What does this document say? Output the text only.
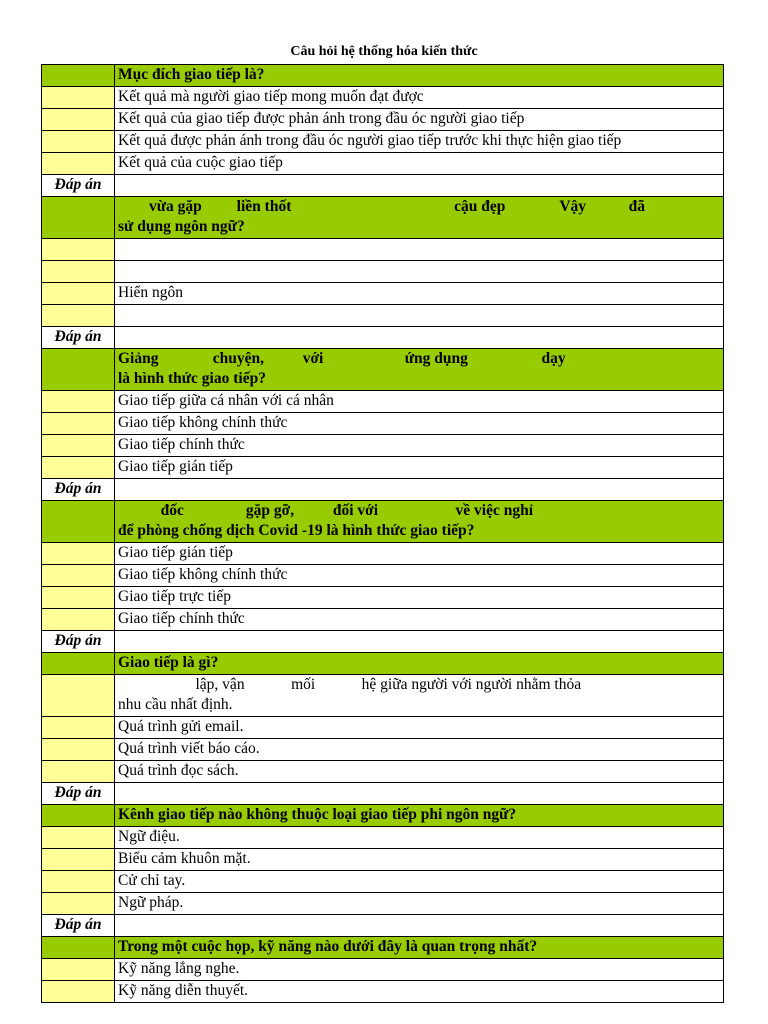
Câu hỏi hệ thống hóa kiến thức
	Mục đích giao tiếp là?
	Kết quả mà người giao tiếp mong muốn đạt được
	Kết quả của giao tiếp được phản ánh trong đầu óc người giao tiếp
	Kết quả được phản ánh trong đầu óc người giao tiếp trước khi thực hiện giao tiếp
	Kết quả của cuộc giao tiếp
Đáp án	
	vừa gặp         liền thốt                                          cậu đẹp              Vậy           đã
sử dụng ngôn ngữ?

	Hiển ngôn

Đáp án	
	Giảng              chuyện,          với                     ứng dụng                   dạy
là hình thức giao tiếp?
	Giao tiếp giữa cá nhân với cá nhân
	Giao tiếp không chính thức
	Giao tiếp chính thức
	Giao tiếp gián tiếp
Đáp án	
	đốc                gặp gỡ,          đối với                    về việc nghỉ
để phòng chống dịch Covid -19 là hình thức giao tiếp?
	Giao tiếp gián tiếp
	Giao tiếp không chính thức
	Giao tiếp trực tiếp
	Giao tiếp chính thức
Đáp án	
	Giao tiếp là gì?
	lập, vận            mối            hệ giữa người với người nhằm thỏa
nhu cầu nhất định.
	Quá trình gửi email.
	Quá trình viết báo cáo.
	Quá trình đọc sách.
Đáp án	
	Kênh giao tiếp nào không thuộc loại giao tiếp phi ngôn ngữ?
	Ngữ điệu.
	Biểu cảm khuôn mặt.
	Cử chỉ tay.
	Ngữ pháp.
Đáp án	
	Trong một cuộc họp, kỹ năng nào dưới đây là quan trọng nhất?
	Kỹ năng lắng nghe.
	Kỹ năng diễn thuyết.
